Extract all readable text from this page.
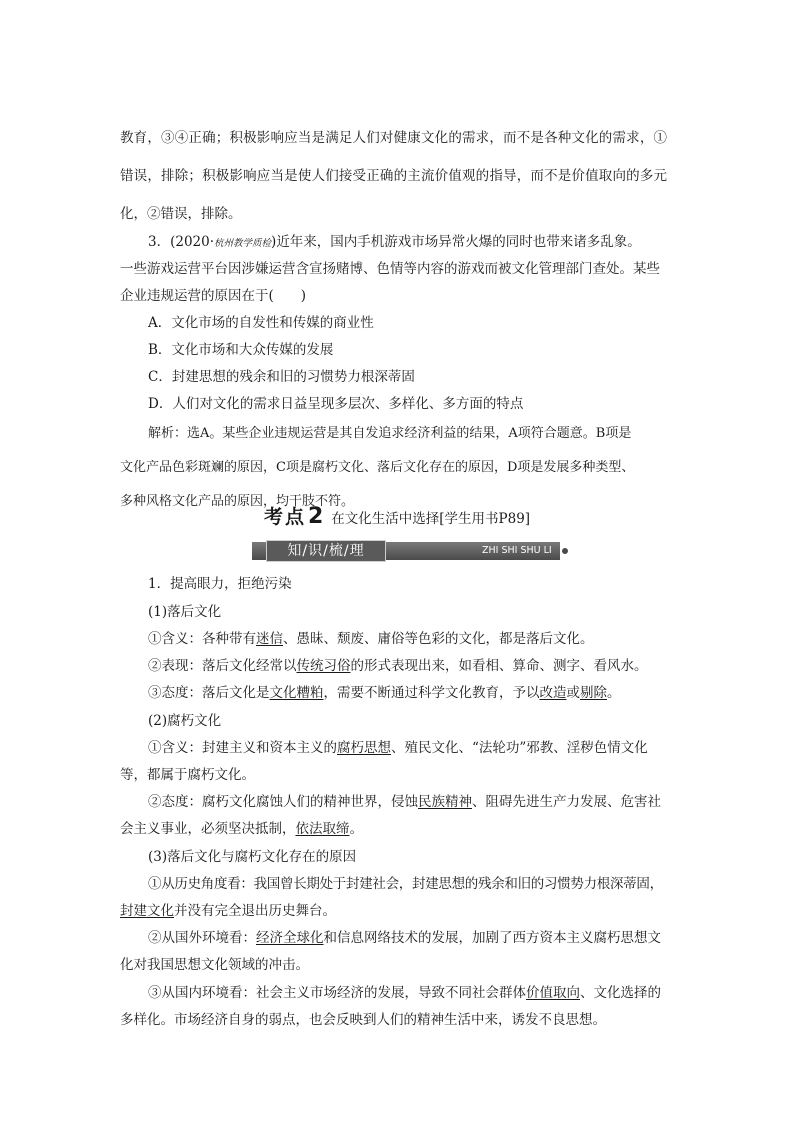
教育，③④正确；积极影响应当是满足人们对健康文化的需求，而不是各种文化的需求，①
错误，排除；积极影响应当是使人们接受正确的主流价值观的指导，而不是价值取向的多元
化，②错误，排除。
3．(2020·杭州教学质检)近年来，国内手机游戏市场异常火爆的同时也带来诸多乱象。
一些游戏运营平台因涉嫌运营含宣扬赌博、色情等内容的游戏而被文化管理部门查处。某些
企业违规运营的原因在于(　　)
A．文化市场的自发性和传媒的商业性
B．文化市场和大众传媒的发展
C．封建思想的残余和旧的习惯势力根深蒂固
D．人们对文化的需求日益呈现多层次、多样化、多方面的特点
解析：选A。某些企业违规运营是其自发追求经济利益的结果，A项符合题意。B项是
文化产品色彩斑斓的原因，C项是腐朽文化、落后文化存在的原因，D项是发展多种类型、
多种风格文化产品的原因，均干肢不符。
考点2 在文化生活中选择[学生用书P89]
知/识/梳/理	ZHI SHI SHU LI
1．提高眼力，拒绝污染
(1)落后文化
①含义：各种带有迷信、愚昧、颓废、庸俗等色彩的文化，都是落后文化。
②表现：落后文化经常以传统习俗的形式表现出来，如看相、算命、测字、看风水。
③态度：落后文化是文化糟粕，需要不断通过科学文化教育，予以改造或剔除。
(2)腐朽文化
①含义：封建主义和资本主义的腐朽思想、殖民文化、“法轮功”邪教、淫秽色情文化
等，都属于腐朽文化。
②态度：腐朽文化腐蚀人们的精神世界，侵蚀民族精神、阻碍先进生产力发展、危害社
会主义事业，必须坚决抵制，依法取缔。
(3)落后文化与腐朽文化存在的原因
①从历史角度看：我国曾长期处于封建社会，封建思想的残余和旧的习惯势力根深蒂固，
封建文化并没有完全退出历史舞台。
②从国外环境看：经济全球化和信息网络技术的发展，加剧了西方资本主义腐朽思想文
化对我国思想文化领域的冲击。
③从国内环境看：社会主义市场经济的发展，导致不同社会群体价值取向、文化选择的
多样化。市场经济自身的弱点，也会反映到人们的精神生活中来，诱发不良思想。
